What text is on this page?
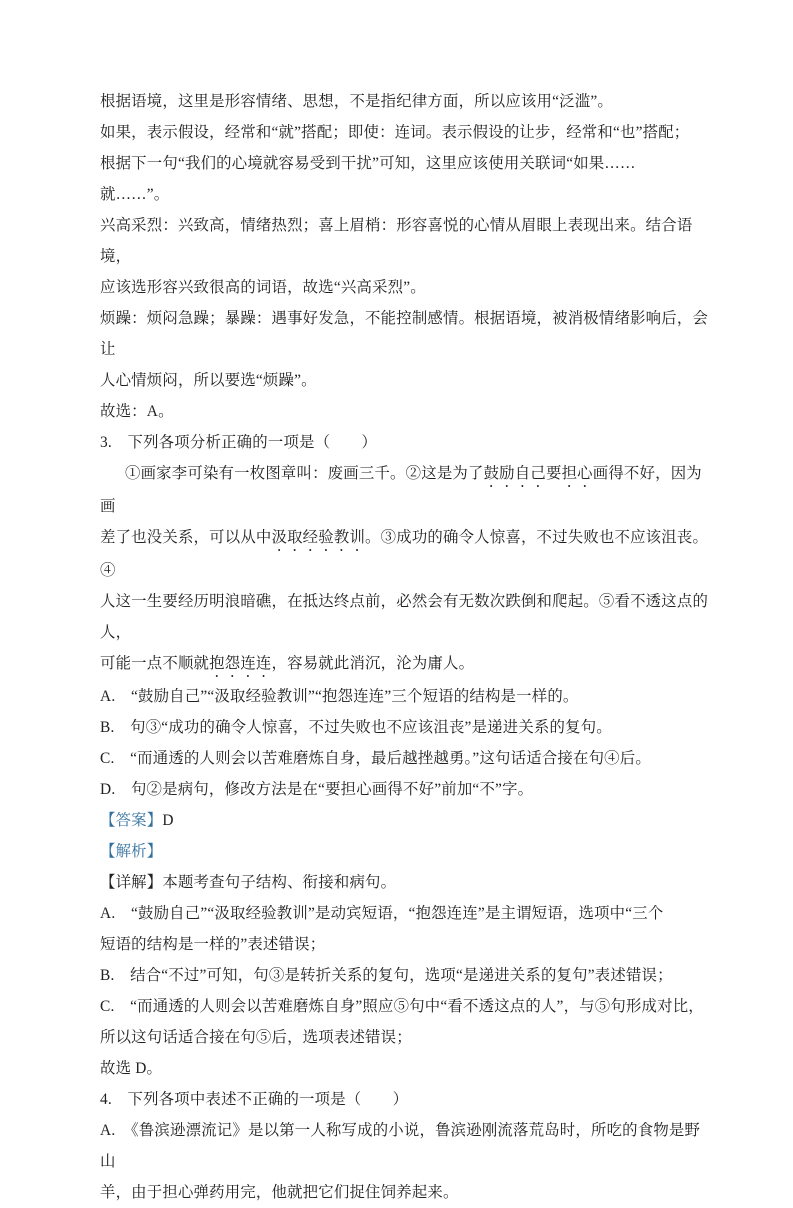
根据语境，这里是形容情绪、思想，不是指纪律方面，所以应该用“泛滥”。

如果，表示假设，经常和“就”搭配；即使：连词。表示假设的让步，经常和“也”搭配；

根据下一句“我们的心境就容易受到干扰”可知，这里应该使用关联词“如果……

就……”。

兴高采烈：兴致高，情绪热烈；喜上眉梢：形容喜悦的心情从眉眼上表现出来。结合语境，

应该选形容兴致很高的词语，故选“兴高采烈”。

烦躁：烦闷急躁；暴躁：遇事好发急，不能控制感情。根据语境，被消极情绪影响后，会让

人心情烦闷，所以要选“烦躁”。

故选：A。

3.　下列各项分析正确的一项是（　　）

①画家李可染有一枚图章叫：废画三千。②这是为了鼓励自己要担心画得不好，因为画

差了也没关系，可以从中汲取经验教训。③成功的确令人惊喜，不过失败也不应该沮丧。④

人这一生要经历明浪暗礁，在抵达终点前，必然会有无数次跌倒和爬起。⑤看不透这点的人，

可能一点不顺就抱怨连连，容易就此消沉，沦为庸人。

A.　“鼓励自己”“汲取经验教训”“抱怨连连”三个短语的结构是一样的。

B.　句③“成功的确令人惊喜，不过失败也不应该沮丧”是递进关系的复句。

C.　“而通透的人则会以苦难磨炼自身，最后越挫越勇。”这句话适合接在句④后。

D.　句②是病句，修改方法是在“要担心画得不好”前加“不”字。

【答案】D

【解析】

【详解】本题考查句子结构、衔接和病句。

A.　“鼓励自己”“汲取经验教训”是动宾短语，“抱怨连连”是主谓短语，选项中“三个

短语的结构是一样的”表述错误；

B.　结合“不过”可知，句③是转折关系的复句，选项“是递进关系的复句”表述错误；

C.　“而通透的人则会以苦难磨炼自身”照应⑤句中“看不透这点的人”，与⑤句形成对比，

所以这句话适合接在句⑤后，选项表述错误；

故选 D。

4.　下列各项中表述不正确的一项是（　　）

A.　《鲁滨逊漂流记》是以第一人称写成的小说，鲁滨逊刚流落荒岛时，所吃的食物是野山

羊，由于担心弹药用完，他就把它们捉住饲养起来。
